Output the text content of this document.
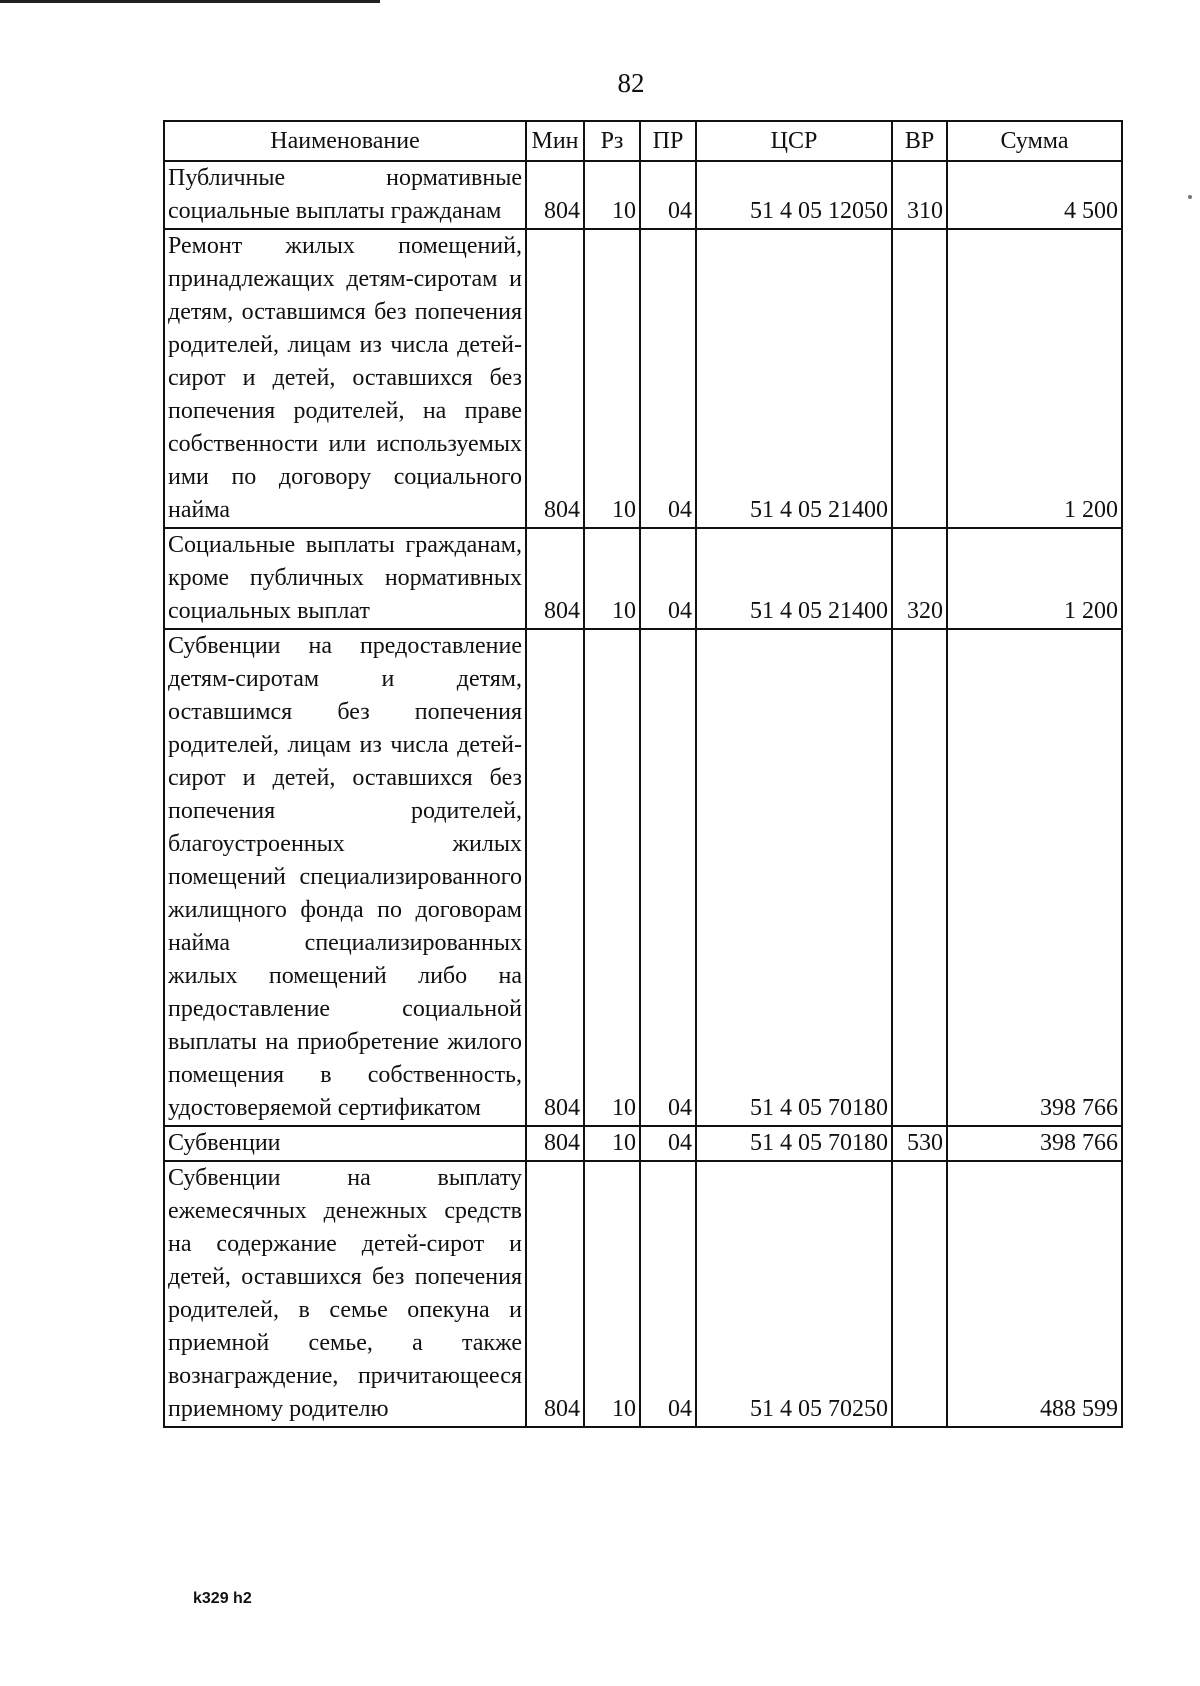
82
Наименование	Мин	Рз	ПР	ЦСР	ВР	Сумма
Публичные нормативные социальные выплаты гражданам	804	10	04	51 4 05 12050	310	4 500
Ремонт жилых помещений, принадлежащих детям-сиротам и детям, оставшимся без попечения родителей, лицам из числа детей-сирот и детей, оставшихся без попечения родителей, на праве собственности или используемых ими по договору социального найма	804	10	04	51 4 05 21400		1 200
Социальные выплаты гражданам, кроме публичных нормативных социальных выплат	804	10	04	51 4 05 21400	320	1 200
Субвенции на предоставление детям-сиротам и детям, оставшимся без попечения родителей, лицам из числа детей-сирот и детей, оставшихся без попечения родителей, благоустроенных жилых помещений специализированного жилищного фонда по договорам найма специализированных жилых помещений либо на предоставление социальной выплаты на приобретение жилого помещения в собственность, удостоверяемой сертификатом	804	10	04	51 4 05 70180		398 766
Субвенции	804	10	04	51 4 05 70180	530	398 766
Субвенции на выплату ежемесячных денежных средств на содержание детей-сирот и детей, оставшихся без попечения родителей, в семье опекуна и приемной семье, а также вознаграждение, причитающееся приемному родителю	804	10	04	51 4 05 70250		488 599
k329 h2
